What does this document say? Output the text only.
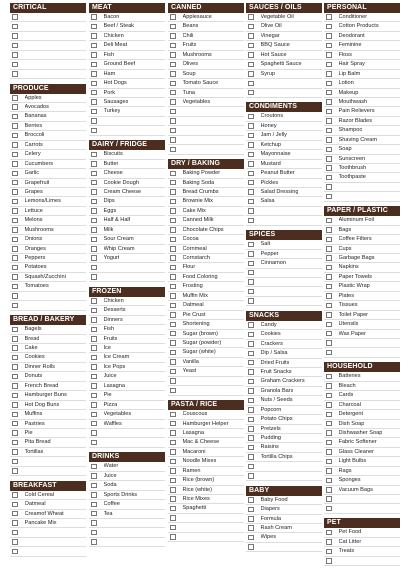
CRITICAL
PRODUCE
Apples
Avocados
Bananas
Berries
Broccoli
Carrots
Celery
Cucumbers
Garlic
Grapefruit
Grapes
Lemons/Limes
Lettuce
Melons
Mushrooms
Onions
Oranges
Peppers
Potatoes
Squash/Zucchini
Tomatoes
BREAD / BAKERY
Bagels
Bread
Cake
Cookies
Dinner Rolls
Donuts
French Bread
Hamburger Buns
Hot Dog Buns
Muffins
Pastries
Pie
Pita Bread
Tortillas
BREAKFAST
Cold Cereal
Oatmeal
Creamof Wheat
Pancake Mix
MEAT
Bacon
Beef / Steak
Chicken
Deli Meat
Fish
Ground Beef
Ham
Hot Dogs
Pork
Sausages
Turkey
DAIRY / FRIDGE
Biscuits
Butter
Cheese
Cookie Dough
Cream Cheese
Dips
Eggs
Half & Half
Milk
Sour Cream
Whip Cream
Yogurt
FROZEN
Chicken
Desserts
Dinners
Fish
Fruits
Ice
Ice Cream
Ice Pops
Juice
Lasagna
Pie
Pizza
Vegetables
Waffles
DRINKS
Water
Juice
Soda
Sports Drinks
Coffee
Tea
CANNED
Applesauce
Beans
Chili
Fruits
Mushrooms
Olives
Soup
Tomato Sauce
Tuna
Vegetables
DRY / BAKING
Baking Powder
Baking Soda
Bread Crumbs
Brownie Mix
Cake Mix
Canned Milk
Chocolate Chips
Cocoa
Cornmeal
Cornstarch
Flour
Food Coloring
Frosting
Muffin Mix
Oatmeal
Pie Crust
Shortening
Sugar (brown)
Sugar (powder)
Sugar (white)
Vanilla
Yeast
PASTA / RICE
Couscous
Hamburger Helper
Lasagna
Mac & Cheese
Macaroni
Noodle Mixes
Ramen
Rice (brown)
Rice (white)
Rice Mixes
Spaghetti
SAUCES / OILS
Vegetable Oil
Olive Oil
Vinegar
BBQ Sauce
Hot Sauce
Spaghetti Sauce
Syrup
CONDIMENTS
Croutons
Honey
Jam / Jelly
Ketchup
Mayonnaise
Mustard
Peanut Butter
Pickles
Salad Dressing
Salsa
SPICES
Salt
Pepper
Cinnamon
SNACKS
Candy
Cookies
Crackers
Dip / Salsa
Dried Fruits
Fruit Snacks
Graham Crackers
Granola Bars
Nuts / Seeds
Popcorn
Potato Chips
Pretzels
Pudding
Raisins
Tortilla Chips
BABY
Baby Food
Diapers
Formula
Rash Cream
Wipes
PERSONAL
Conditioner
Cotton Products
Deodorant
Feminine
Floss
Hair Spray
Lip Balm
Lotion
Makeup
Mouthwash
Pain Relievers
Razor Blades
Shampoo
Shaving Cream
Soap
Sunscreen
Toothbrush
Toothpaste
PAPER / PLASTIC
Aluminum Foil
Bags
Coffee Filters
Cups
Garbage Bags
Napkins
Paper Towels
Plastic Wrap
Plates
Tissues
Toilet Paper
Utensils
Wax Paper
HOUSEHOLD
Batteries
Bleach
Cards
Charcoal
Detergent
Dish Soap
Dishwasher Soap
Fabric Softener
Glass Cleaner
Light Bulbs
Rags
Sponges
Vacuum Bags
PET
Pet Food
Cat Litter
Treats
